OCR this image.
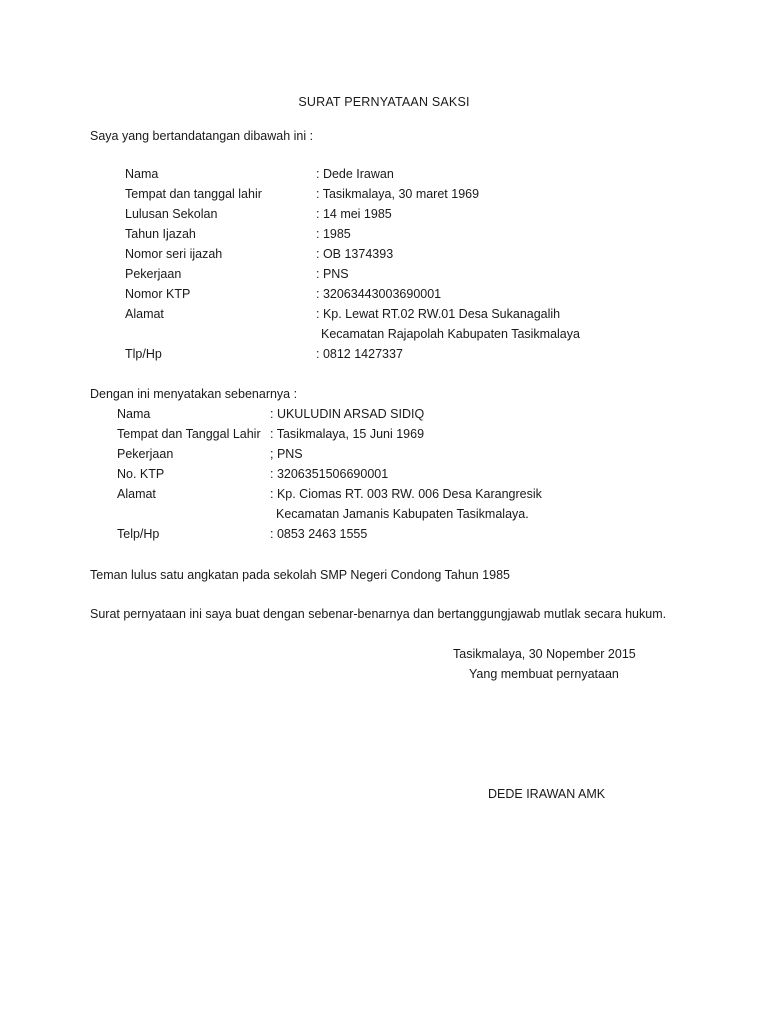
SURAT PERNYATAAN SAKSI
Saya yang bertandatangan dibawah ini :
Nama	: Dede Irawan
Tempat dan tanggal lahir	: Tasikmalaya, 30 maret 1969
Lulusan Sekolan	: 14 mei 1985
Tahun Ijazah	: 1985
Nomor seri ijazah	: OB 1374393
Pekerjaan	: PNS
Nomor KTP	: 32063443003690001
Alamat	: Kp. Lewat RT.02 RW.01 Desa Sukanagalih
Kecamatan Rajapolah Kabupaten Tasikmalaya
Tlp/Hp	: 0812 1427337
Dengan ini menyatakan sebenarnya :
Nama	: UKULUDIN ARSAD SIDIQ
Tempat dan Tanggal Lahir : Tasikmalaya, 15 Juni 1969
Pekerjaan	; PNS
No. KTP	: 3206351506690001
Alamat	: Kp. Ciomas RT. 003 RW. 006 Desa Karangresik
Kecamatan Jamanis Kabupaten Tasikmalaya.
Telp/Hp	: 0853 2463 1555
Teman lulus satu angkatan pada sekolah SMP Negeri Condong Tahun 1985
Surat pernyataan ini saya buat dengan sebenar-benarnya dan bertanggungjawab mutlak secara hukum.
Tasikmalaya, 30 Nopember 2015
Yang membuat pernyataan
DEDE IRAWAN AMK
